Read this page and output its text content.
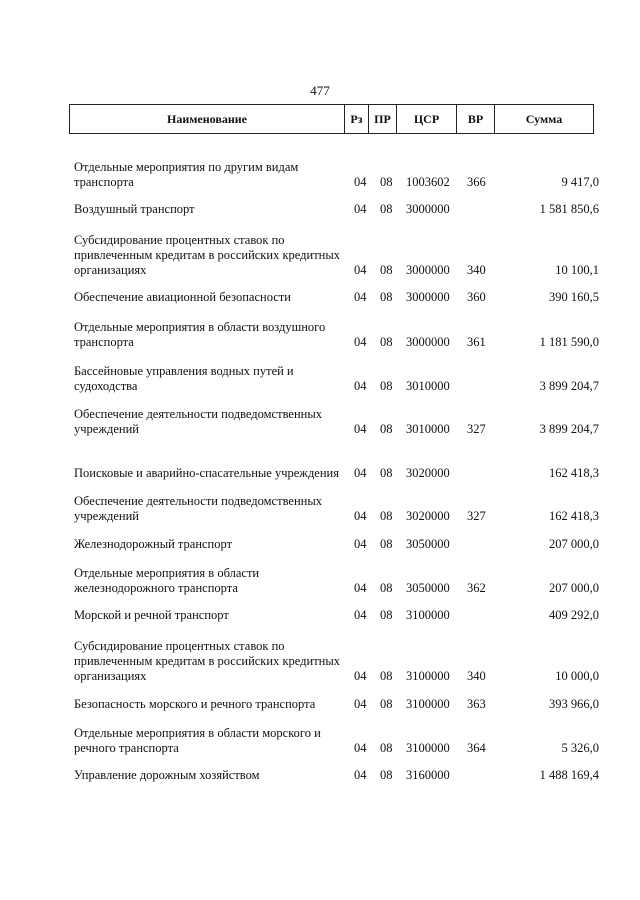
477
Наименование	Рз ПР	ЦСР	ВР	Сумма
Отдельные мероприятия по другим видам транспорта	04 08 1003602 366	9 417,0
Воздушный транспорт	04 08 3000000	1 581 850,6
Субсидирование процентных ставок по привлеченным кредитам в российских кредитных организациях	04 08 3000000 340	10 100,1
Обеспечение авиационной безопасности	04 08 3000000 360	390 160,5
Отдельные мероприятия в области воздушного транспорта	04 08 3000000 361	1 181 590,0
Бассейновые управления водных путей и судоходства	04 08 3010000	3 899 204,7
Обеспечение деятельности подведомственных учреждений	04 08 3010000 327	3 899 204,7
Поисковые и аварийно-спасательные учреждения	04 08 3020000	162 418,3
Обеспечение деятельности подведомственных учреждений	04 08 3020000 327	162 418,3
Железнодорожный транспорт	04 08 3050000	207 000,0
Отдельные мероприятия в области железнодорожного транспорта	04 08 3050000 362	207 000,0
Морской и речной транспорт	04 08 3100000	409 292,0
Субсидирование процентных ставок по привлеченным кредитам в российских кредитных организациях	04 08 3100000 340	10 000,0
Безопасность морского и речного транспорта	04 08 3100000 363	393 966,0
Отдельные мероприятия в области морского и речного транспорта	04 08 3100000 364	5 326,0
Управление дорожным хозяйством	04 08 3160000	1 488 169,4
